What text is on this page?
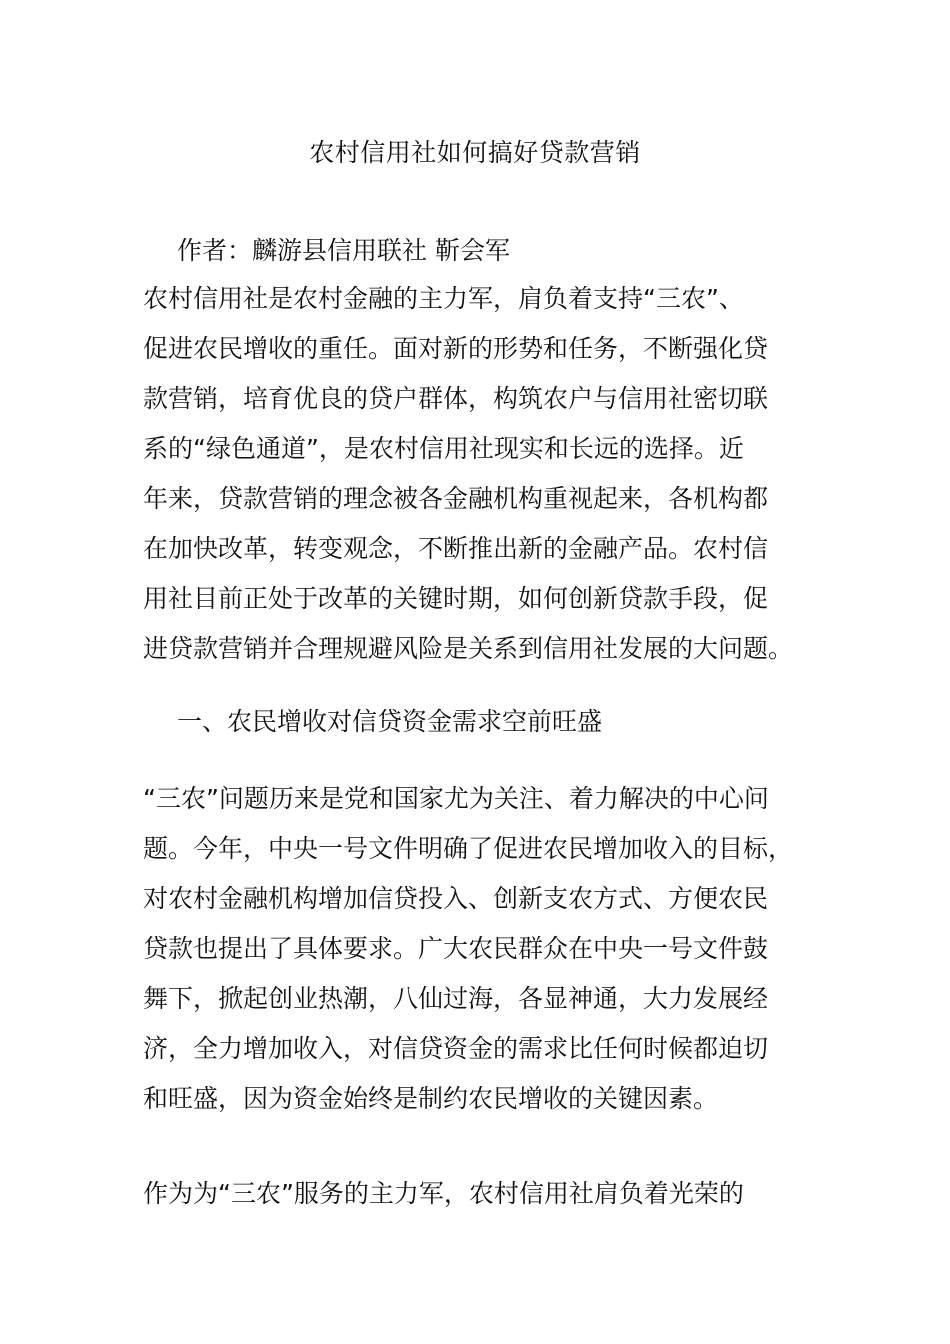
农村信用社如何搞好贷款营销
作者：麟游县信用联社 靳会军
农村信用社是农村金融的主力军，肩负着支持“三农”、
促进农民增收的重任。面对新的形势和任务，不断强化贷
款营销，培育优良的贷户群体，构筑农户与信用社密切联
系的“绿色通道”，是农村信用社现实和长远的选择。近
年来，贷款营销的理念被各金融机构重视起来，各机构都
在加快改革，转变观念，不断推出新的金融产品。农村信
用社目前正处于改革的关键时期，如何创新贷款手段，促
进贷款营销并合理规避风险是关系到信用社发展的大问题。
一、农民增收对信贷资金需求空前旺盛
“三农”问题历来是党和国家尤为关注、着力解决的中心问
题。今年，中央一号文件明确了促进农民增加收入的目标，
对农村金融机构增加信贷投入、创新支农方式、方便农民
贷款也提出了具体要求。广大农民群众在中央一号文件鼓
舞下，掀起创业热潮，八仙过海，各显神通，大力发展经
济，全力增加收入，对信贷资金的需求比任何时候都迫切
和旺盛，因为资金始终是制约农民增收的关键因素。
作为为“三农”服务的主力军，农村信用社肩负着光荣的
